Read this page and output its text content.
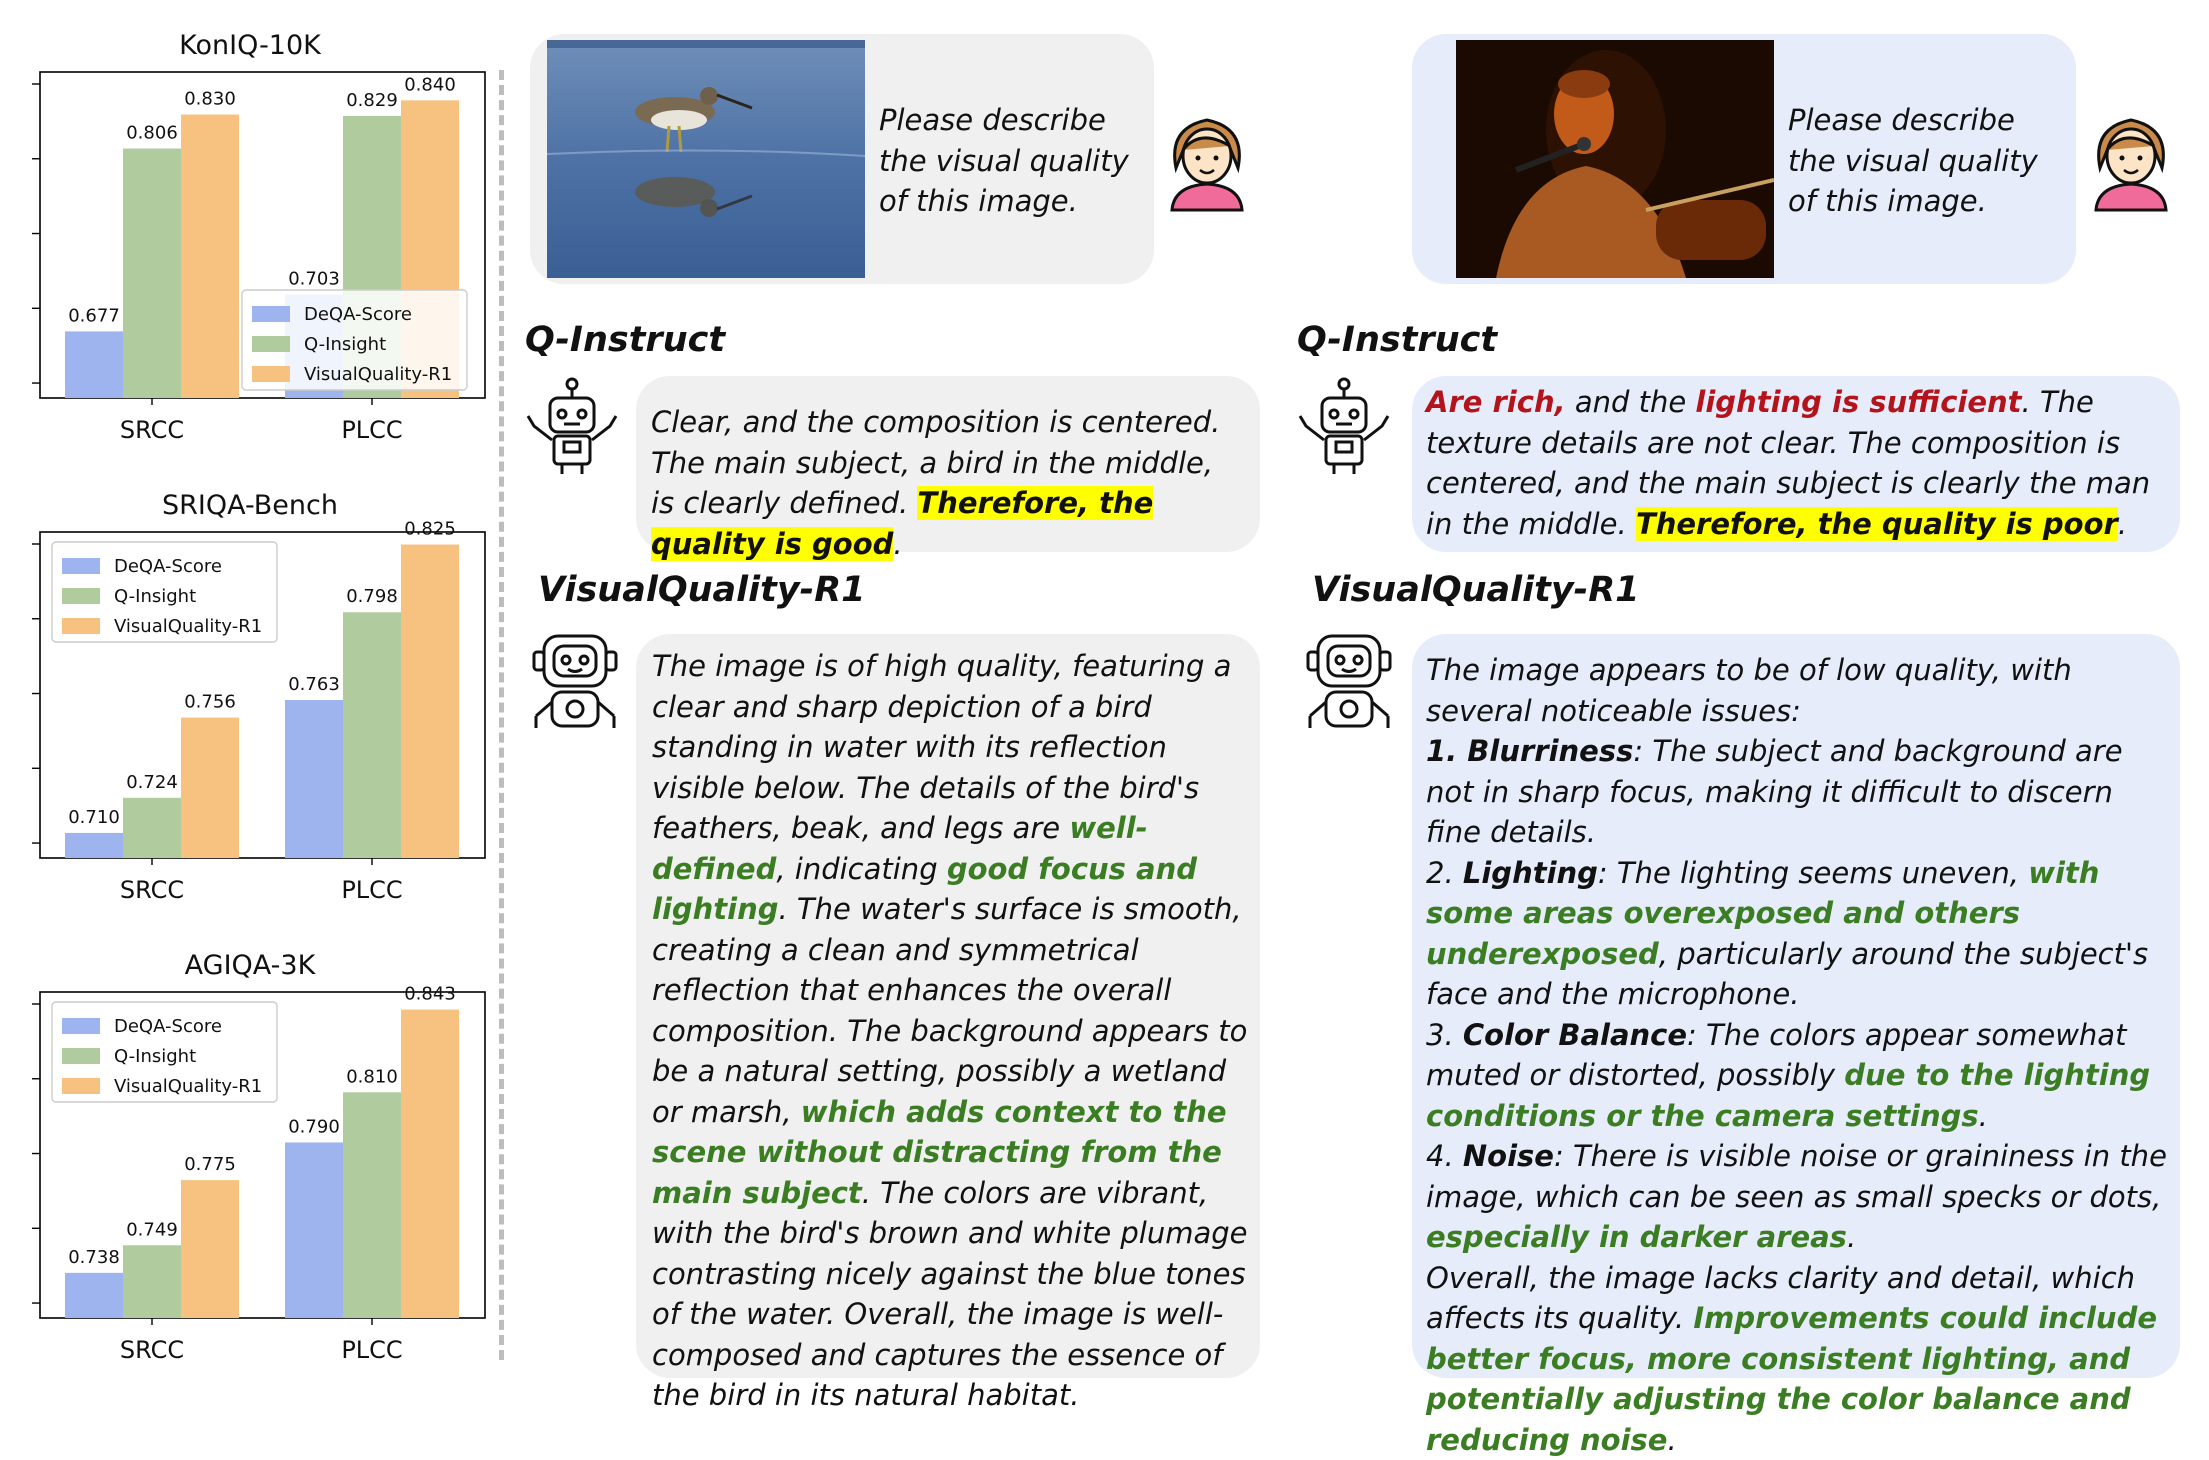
KonIQ-10K
SRCC	PLCC
0.677
0.806
0.830
0.703
0.829
0.840
DeQA-Score
Q-Insight
VisualQuality-R1
SRIQA-Bench
SRCC	PLCC
0.710
0.724
0.756
0.763
0.798
0.825
DeQA-Score
Q-Insight
VisualQuality-R1
AGIQA-3K
SRCC	PLCC
0.738
0.749
0.775
0.790
0.810
0.843
DeQA-Score
Q-Insight
VisualQuality-R1
Please describe the visual quality of this image.
Q-Instruct
Clear, and the composition is centered. The main subject, a bird in the middle, is clearly defined. Therefore, the quality is good.
VisualQuality-R1
The image is of high quality, featuring a clear and sharp depiction of a bird standing in water with its reflection visible below. The details of the bird's feathers, beak, and legs are well-defined, indicating good focus and lighting. The water's surface is smooth, creating a clean and symmetrical reflection that enhances the overall composition. The background appears to be a natural setting, possibly a wetland or marsh, which adds context to the scene without distracting from the main subject. The colors are vibrant, with the bird's brown and white plumage contrasting nicely against the blue tones of the water. Overall, the image is well-composed and captures the essence of the bird in its natural habitat.
Please describe the visual quality of this image.
Q-Instruct
Are rich, and the lighting is sufficient. The texture details are not clear. The composition is centered, and the main subject is clearly the man in the middle. Therefore, the quality is poor.
VisualQuality-R1
The image appears to be of low quality, with several noticeable issues:
1. Blurriness: The subject and background are not in sharp focus, making it difficult to discern fine details.
2. Lighting: The lighting seems uneven, with some areas overexposed and others underexposed, particularly around the subject's face and the microphone.
3. Color Balance: The colors appear somewhat muted or distorted, possibly due to the lighting conditions or the camera settings.
4. Noise: There is visible noise or graininess in the image, which can be seen as small specks or dots, especially in darker areas.
Overall, the image lacks clarity and detail, which affects its quality. Improvements could include better focus, more consistent lighting, and potentially adjusting the color balance and reducing noise.
